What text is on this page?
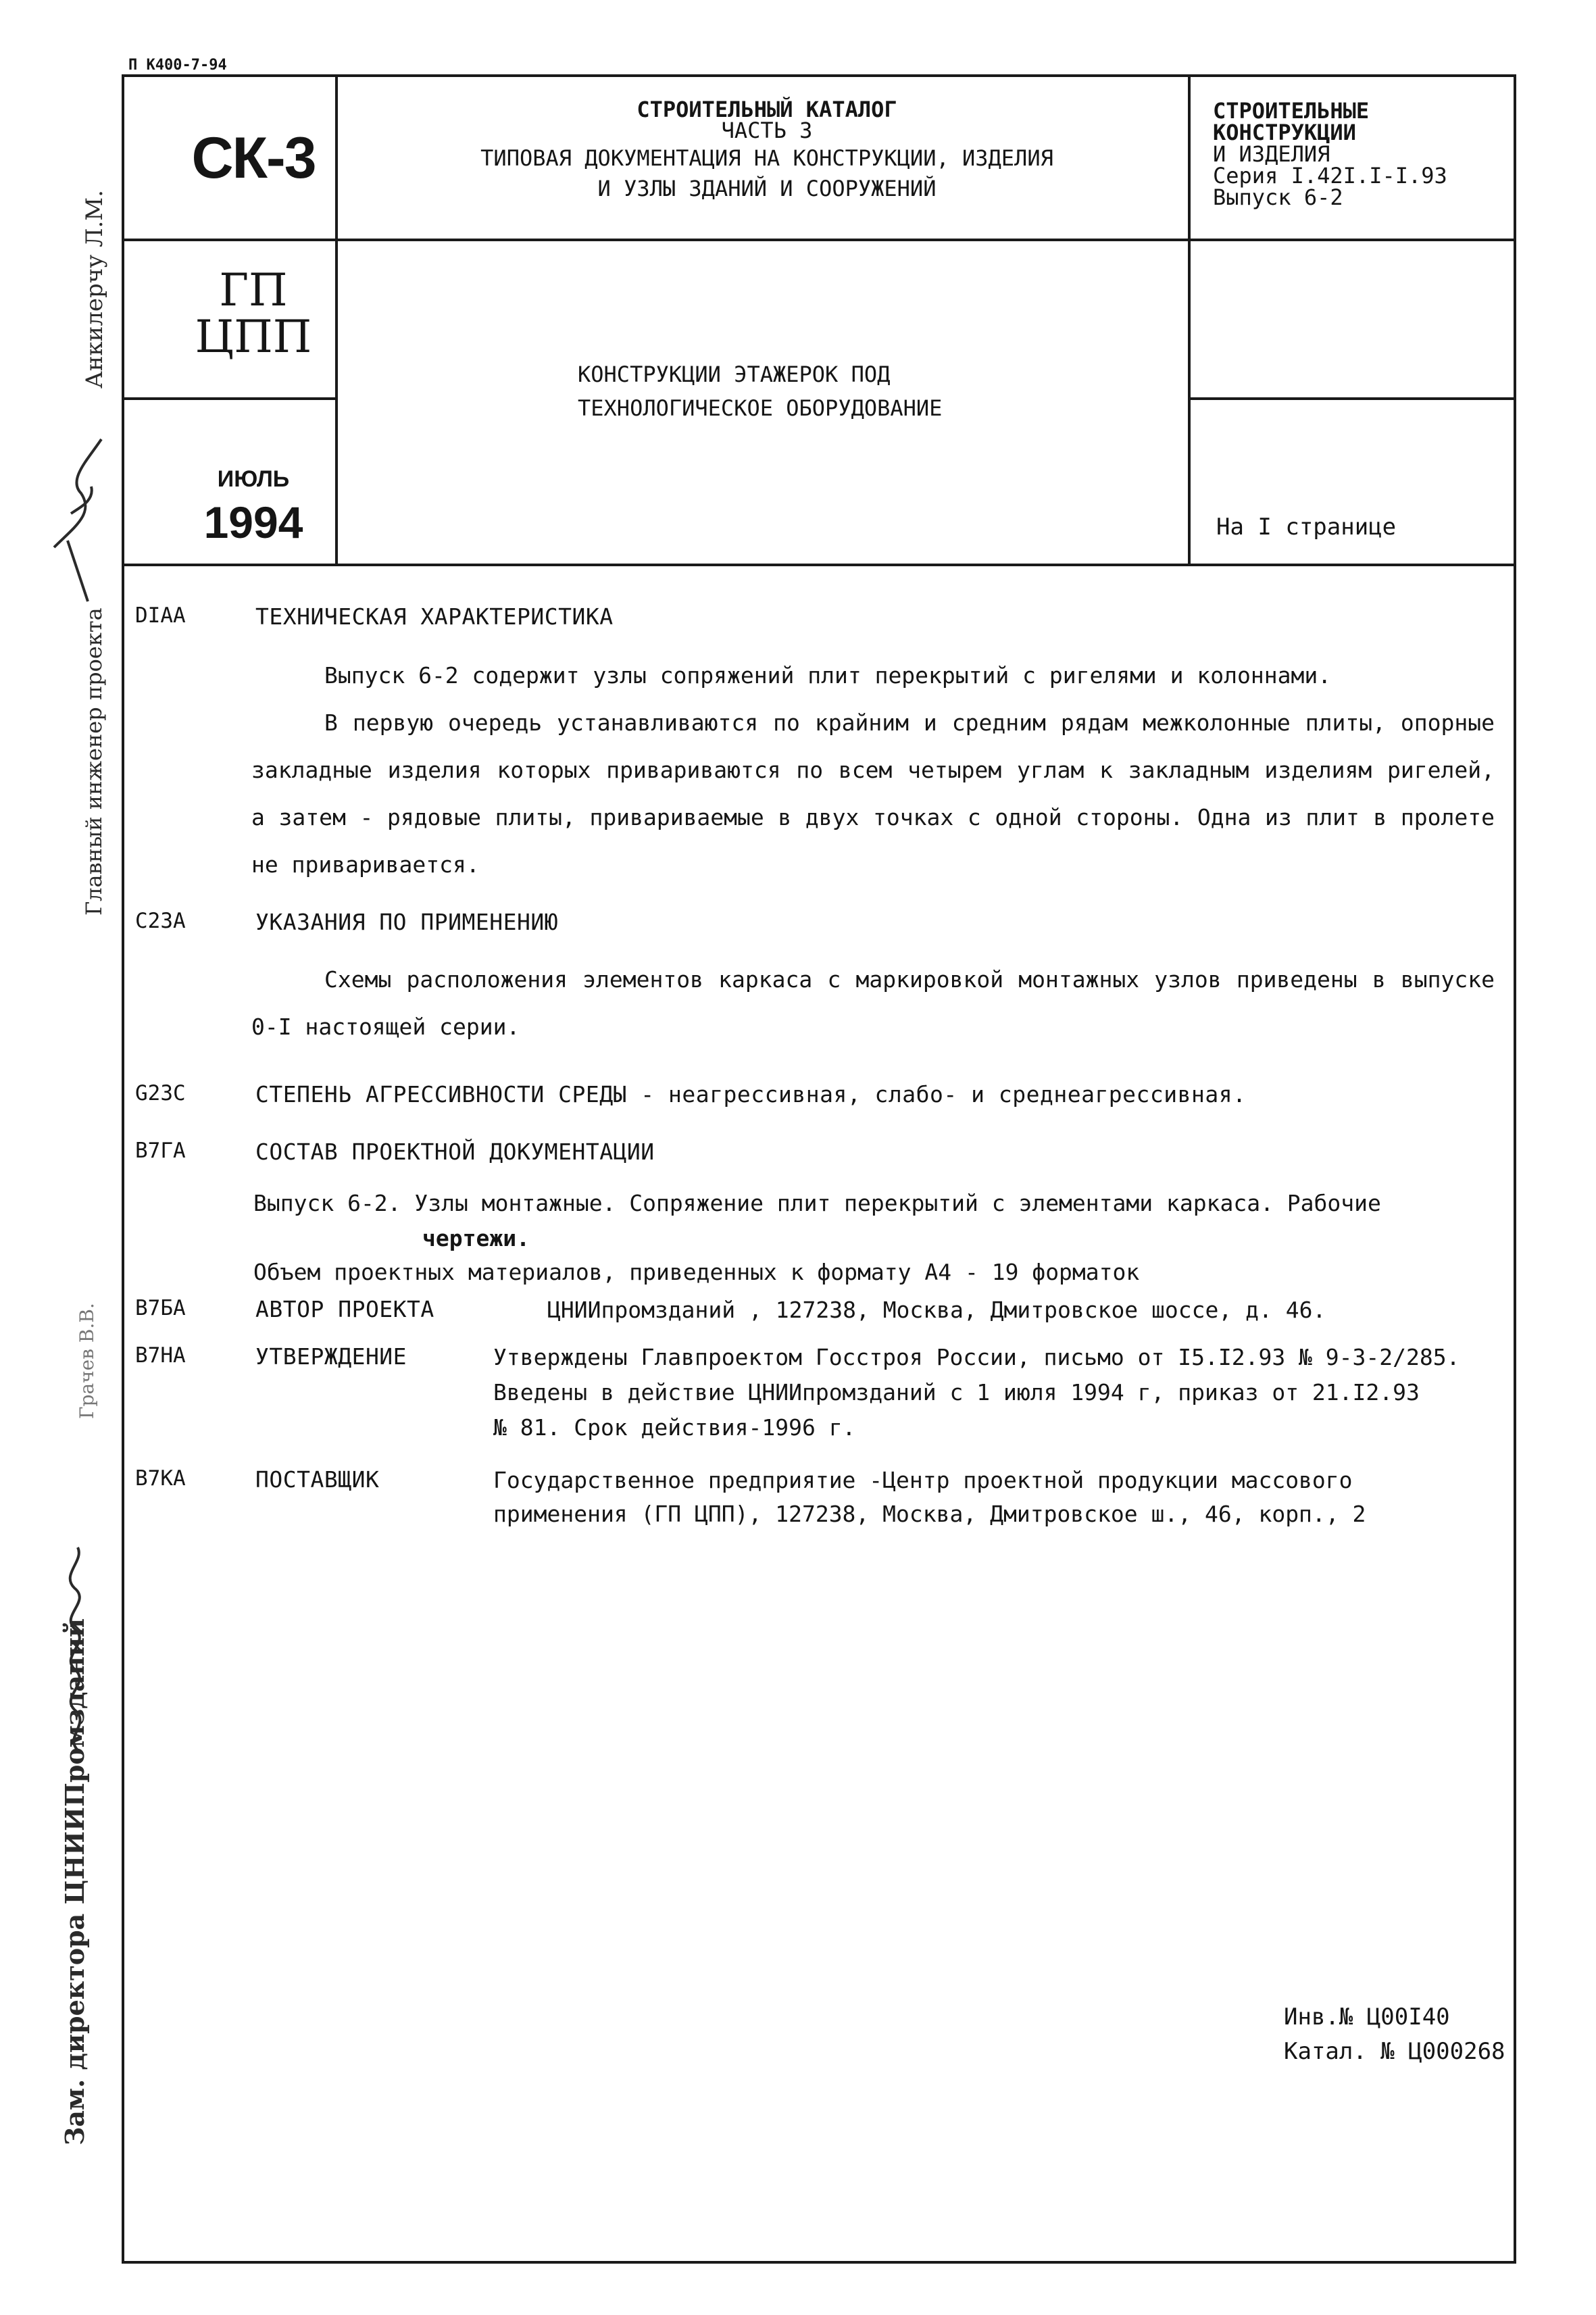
П К400-7-94
Анкилерчу Л.М.
Главный инженер проекта
Грачев В.В.
Зам. директора ЦНИИПромзданий
СК-3
ГП
ЦПП
ИЮЛЬ
1994
СТРОИТЕЛЬНЫЙ КАТАЛОГ
ЧАСТЬ 3
ТИПОВАЯ ДОКУМЕНТАЦИЯ НА КОНСТРУКЦИИ, ИЗДЕЛИЯ
И УЗЛЫ ЗДАНИЙ И СООРУЖЕНИЙ
СТРОИТЕЛЬНЫЕ
КОНСТРУКЦИИ
И ИЗДЕЛИЯ
Серия I.42I.I-I.93
Выпуск 6-2
КОНСТРУКЦИИ ЭТАЖЕРОК ПОД
ТЕХНОЛОГИЧЕСКОЕ ОБОРУДОВАНИЕ
На I странице
DIAA	ТЕХНИЧЕСКАЯ ХАРАКТЕРИСТИКА
Выпуск 6-2 содержит узлы сопряжений плит перекрытий с ригелями и колоннами.
В первую очередь устанавливаются по крайним и средним рядам межколонные плиты, опорные закладные изделия которых привариваются по всем четырем углам к закладным изделиям ригелей, а затем - рядовые плиты, привариваемые в двух точках с одной стороны. Одна из плит в пролете не приваривается.
С23А	УКАЗАНИЯ ПО ПРИМЕНЕНИЮ
Схемы расположения элементов каркаса с маркировкой монтажных узлов приведены в выпуске 0-I настоящей серии.
G23C	СТЕПЕНЬ АГРЕССИВНОСТИ СРЕДЫ - неагрессивная, слабо- и среднеагрессивная.
В7ГА	СОСТАВ ПРОЕКТНОЙ ДОКУМЕНТАЦИИ
Выпуск 6-2. Узлы монтажные. Сопряжение плит перекрытий с элементами каркаса. Рабочие
чертежи.
Объем проектных материалов, приведенных к формату А4 - 19 форматок
В7БА	АВТОР ПРОЕКТА	ЦНИИпромзданий , 127238, Москва, Дмитровское шоссе, д. 46.
В7НА	УТВЕРЖДЕНИЕ	Утверждены Главпроектом Госстроя России, письмо от I5.I2.93 № 9-3-2/285.
Введены в действие ЦНИИпромзданий с 1 июля 1994 г, приказ от 21.I2.93
№ 81. Срок действия-1996 г.
В7КА	ПОСТАВЩИК	Государственное предприятие -Центр проектной продукции массового
применения (ГП ЦПП), 127238, Москва, Дмитровское ш., 46, корп., 2
Инв.№ Ц00I40
Катал. № Ц000268
